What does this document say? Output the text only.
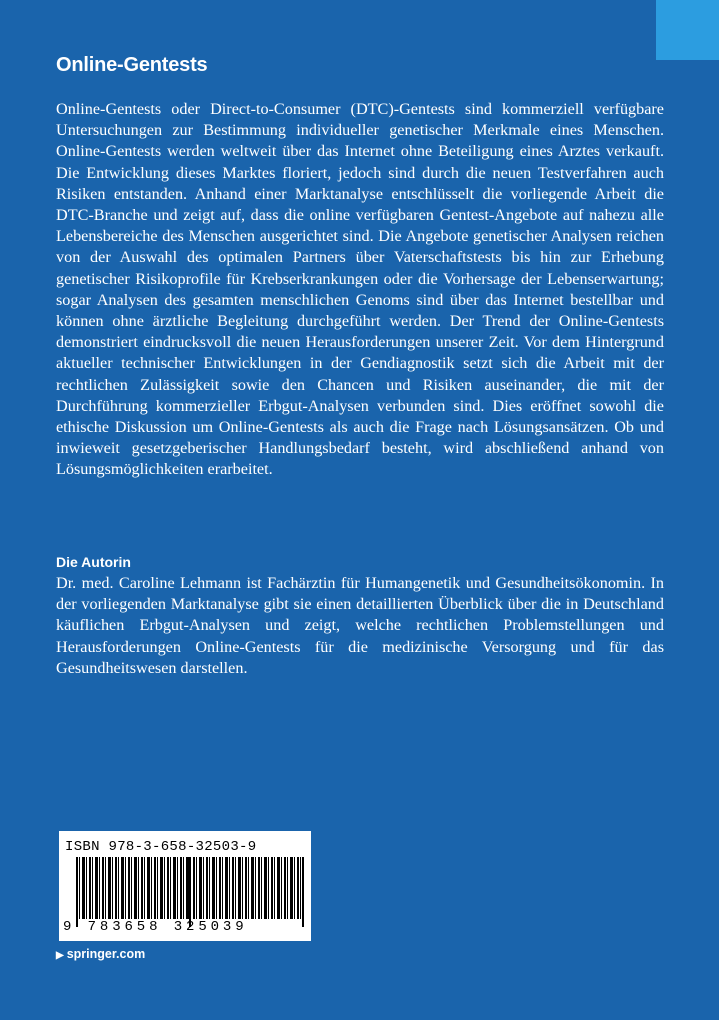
Online-Gentests

Online-Gentests oder Direct-to-Consumer (DTC)-Gentests sind kommerziell verfügbare Untersuchungen zur Bestimmung individueller genetischer Merkmale eines Menschen. Online-Gentests werden weltweit über das Internet ohne Beteiligung eines Arztes verkauft. Die Entwicklung dieses Marktes floriert, jedoch sind durch die neuen Testverfahren auch Risiken entstanden. Anhand einer Marktanalyse entschlüsselt die vorliegende Arbeit die DTC-Branche und zeigt auf, dass die online verfügbaren Gentest-Angebote auf nahezu alle Lebensbereiche des Menschen ausgerichtet sind. Die Angebote genetischer Analysen reichen von der Auswahl des optimalen Partners über Vaterschaftstests bis hin zur Erhebung genetischer Risikoprofile für Krebserkrankungen oder die Vorhersage der Lebenserwartung; sogar Analysen des gesamten menschlichen Genoms sind über das Internet bestellbar und können ohne ärztliche Begleitung durchgeführt werden. Der Trend der Online-Gentests demonstriert eindrucksvoll die neuen Herausforderungen unserer Zeit. Vor dem Hintergrund aktueller technischer Entwicklungen in der Gendiagnostik setzt sich die Arbeit mit der rechtlichen Zulässigkeit sowie den Chancen und Risiken auseinander, die mit der Durchführung kommerzieller Erbgut-Analysen verbunden sind. Dies eröffnet sowohl die ethische Diskussion um Online-Gentests als auch die Frage nach Lösungsansätzen. Ob und inwieweit gesetzgeberischer Handlungsbedarf besteht, wird abschließend anhand von Lösungsmöglichkeiten erarbeitet.

Die Autorin

Dr. med. Caroline Lehmann ist Fachärztin für Humangenetik und Gesundheitsökonomin. In der vorliegenden Marktanalyse gibt sie einen detaillierten Überblick über die in Deutschland käuflichen Erbgut-Analysen und zeigt, welche rechtlichen Problemstellungen und Herausforderungen Online-Gentests für die medizinische Versorgung und für das Gesundheitswesen darstellen.

ISBN 978-3-658-32503-9
9 783658 325039
▶ springer.com
